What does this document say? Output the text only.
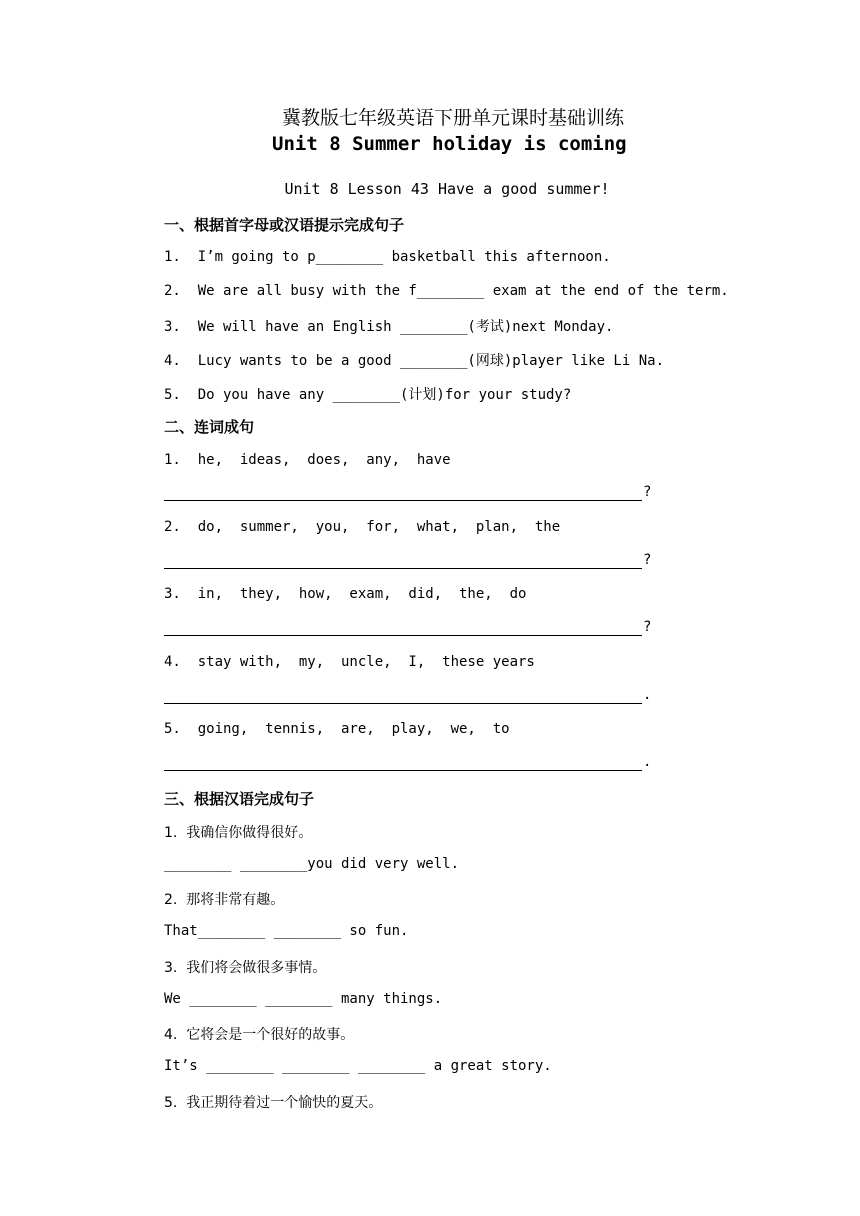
冀教版七年级英语下册单元课时基础训练
Unit 8 Summer holiday is coming
Unit 8 Lesson 43 Have a good summer!
一、根据首字母或汉语提示完成句子
1.  I’m going to p________ basketball this afternoon.
2.  We are all busy with the f________ exam at the end of the term.
3.  We will have an English ________(考试)next Monday.
4.  Lucy wants to be a good ________(网球)player like Li Na.
5.  Do you have any ________(计划)for your study?
二、连词成句
1.  he,  ideas,  does,  any,  have
?
2.  do,  summer,  you,  for,  what,  plan,  the
?
3.  in,  they,  how,  exam,  did,  the,  do
?
4.  stay with,  my,  uncle,  I,  these years
.
5.  going,  tennis,  are,  play,  we,  to
.
三、根据汉语完成句子
1.  我确信你做得很好。
________ ________you did very well.
2.  那将非常有趣。
That________ ________ so fun.
3.  我们将会做很多事情。
We ________ ________ many things.
4.  它将会是一个很好的故事。
It’s ________ ________ ________ a great story.
5.  我正期待着过一个愉快的夏天。
